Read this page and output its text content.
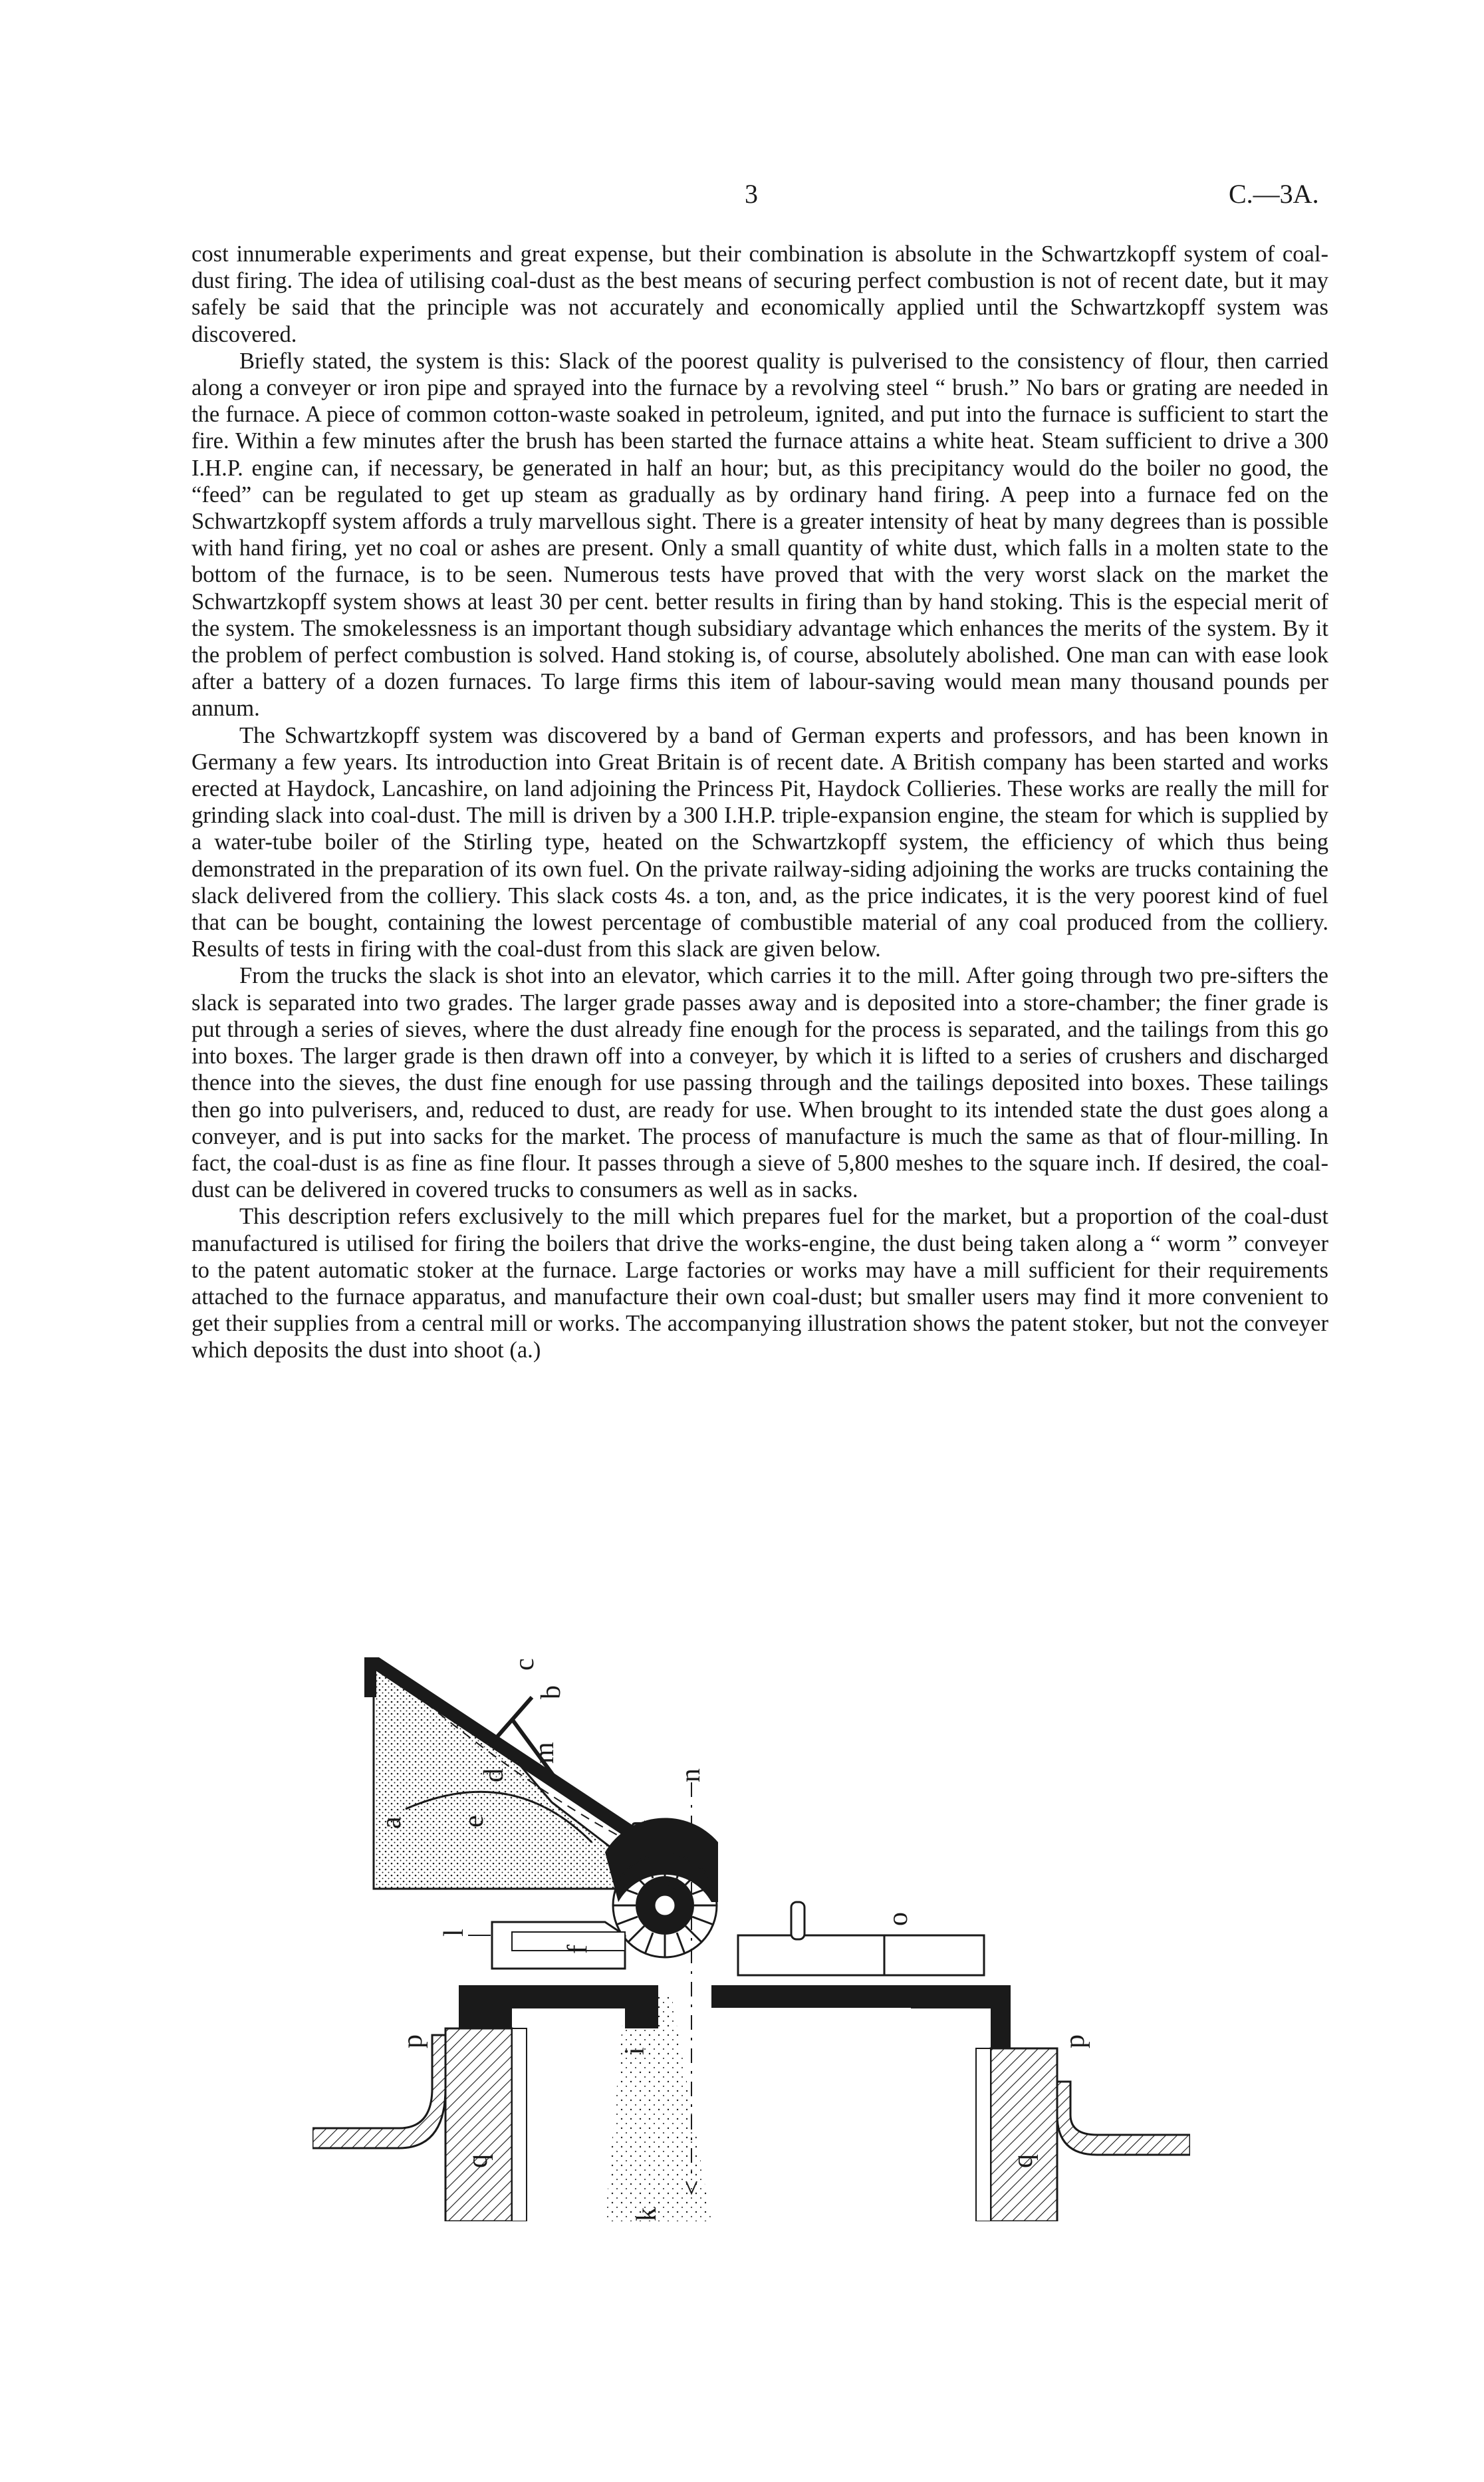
3	C.—3A.

cost innumerable experiments and great expense, but their combination is absolute in the Schwartzkopff system of coal-dust firing. The idea of utilising coal-dust as the best means of securing perfect combustion is not of recent date, but it may safely be said that the principle was not accurately and economically applied until the Schwartzkopff system was discovered.

Briefly stated, the system is this: Slack of the poorest quality is pulverised to the consistency of flour, then carried along a conveyer or iron pipe and sprayed into the furnace by a revolving steel “ brush.” No bars or grating are needed in the furnace. A piece of common cotton-waste soaked in petroleum, ignited, and put into the furnace is sufficient to start the fire. Within a few minutes after the brush has been started the furnace attains a white heat. Steam sufficient to drive a 300 I.H.P. engine can, if necessary, be generated in half an hour; but, as this precipitancy would do the boiler no good, the “feed” can be regulated to get up steam as gradually as by ordinary hand firing. A peep into a furnace fed on the Schwartzkopff system affords a truly marvellous sight. There is a greater intensity of heat by many degrees than is possible with hand firing, yet no coal or ashes are present. Only a small quantity of white dust, which falls in a molten state to the bottom of the furnace, is to be seen. Numerous tests have proved that with the very worst slack on the market the Schwartzkopff system shows at least 30 per cent. better results in firing than by hand stoking. This is the especial merit of the system. The smokelessness is an important though subsidiary advantage which enhances the merits of the system. By it the problem of perfect combustion is solved. Hand stoking is, of course, absolutely abolished. One man can with ease look after a battery of a dozen furnaces. To large firms this item of labour-saving would mean many thousand pounds per annum.

The Schwartzkopff system was discovered by a band of German experts and professors, and has been known in Germany a few years. Its introduction into Great Britain is of recent date. A British company has been started and works erected at Haydock, Lancashire, on land adjoining the Princess Pit, Haydock Collieries. These works are really the mill for grinding slack into coal-dust. The mill is driven by a 300 I.H.P. triple-expansion engine, the steam for which is supplied by a water-tube boiler of the Stirling type, heated on the Schwartzkopff system, the efficiency of which thus being demonstrated in the preparation of its own fuel. On the private railway-siding adjoining the works are trucks containing the slack delivered from the colliery. This slack costs 4s. a ton, and, as the price indicates, it is the very poorest kind of fuel that can be bought, containing the lowest percentage of combustible material of any coal produced from the colliery. Results of tests in firing with the coal-dust from this slack are given below.

From the trucks the slack is shot into an elevator, which carries it to the mill. After going through two pre-sifters the slack is separated into two grades. The larger grade passes away and is deposited into a store-chamber; the finer grade is put through a series of sieves, where the dust already fine enough for the process is separated, and the tailings from this go into boxes. The larger grade is then drawn off into a conveyer, by which it is lifted to a series of crushers and discharged thence into the sieves, the dust fine enough for use passing through and the tailings deposited into boxes. These tailings then go into pulverisers, and, reduced to dust, are ready for use. When brought to its intended state the dust goes along a conveyer, and is put into sacks for the market. The process of manufacture is much the same as that of flour-milling. In fact, the coal-dust is as fine as fine flour. It passes through a sieve of 5,800 meshes to the square inch. If desired, the coal-dust can be delivered in covered trucks to consumers as well as in sacks.

This description refers exclusively to the mill which prepares fuel for the market, but a proportion of the coal-dust manufactured is utilised for firing the boilers that drive the works-engine, the dust being taken along a “ worm ” conveyer to the patent automatic stoker at the furnace. Large factories or works may have a mill sufficient for their requirements attached to the furnace apparatus, and manufacture their own coal-dust; but smaller users may find it more convenient to get their supplies from a central mill or works. The accompanying illustration shows the patent stoker, but not the conveyer which deposits the dust into shoot (a.)

a
b
c
d
e
f
g
h
i
k
l
m
n
o
p	p
q	q
